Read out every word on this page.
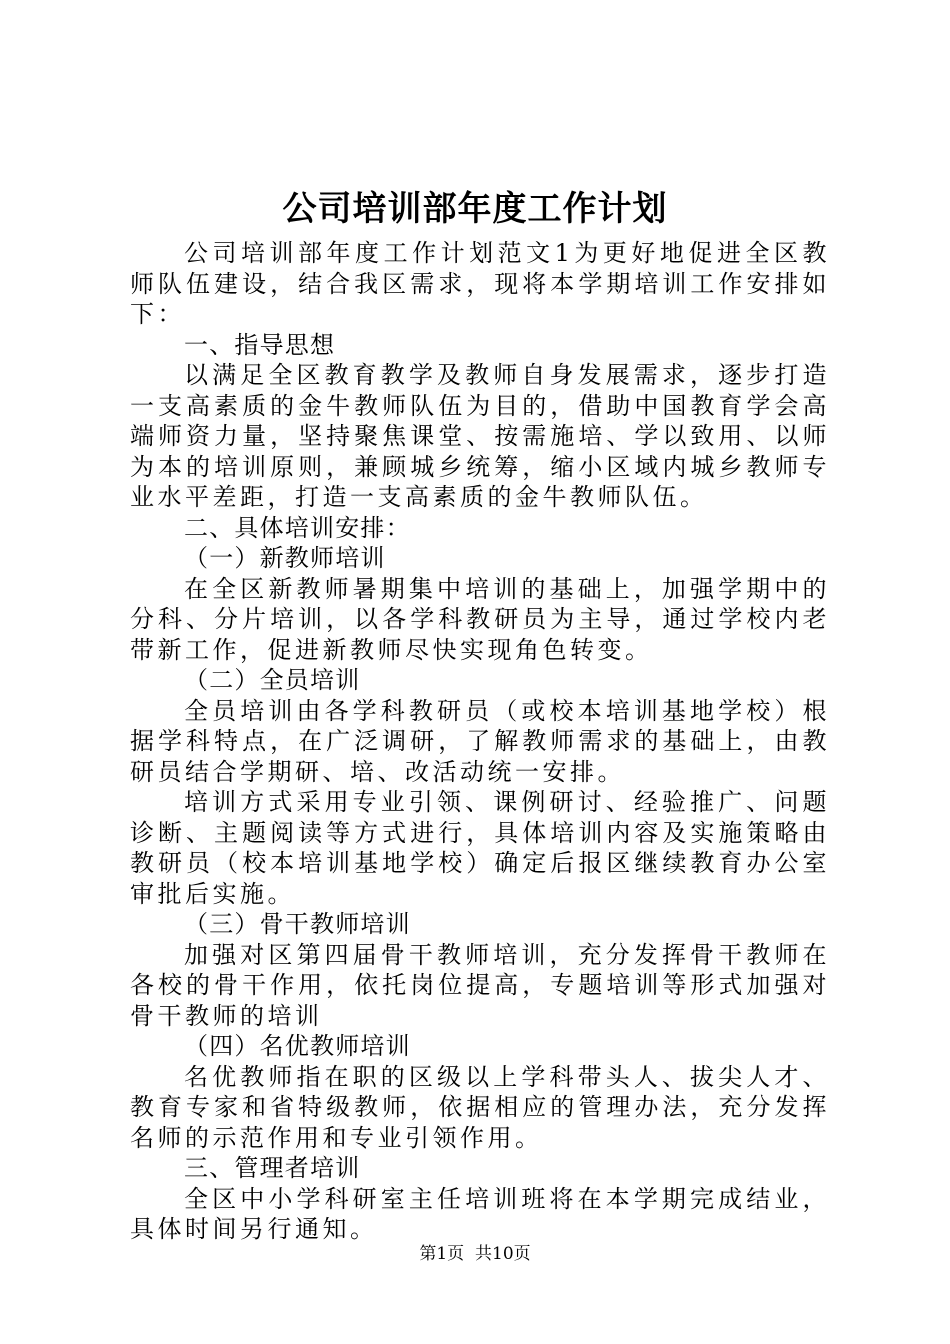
公司培训部年度工作计划

公司培训部年度工作计划范文1为更好地促进全区教师队伍建设，结合我区需求，现将本学期培训工作安排如下：

一、指导思想

以满足全区教育教学及教师自身发展需求，逐步打造一支高素质的金牛教师队伍为目的，借助中国教育学会高端师资力量，坚持聚焦课堂、按需施培、学以致用、以师为本的培训原则，兼顾城乡统筹，缩小区域内城乡教师专业水平差距，打造一支高素质的金牛教师队伍。

二、具体培训安排：

（一）新教师培训

在全区新教师暑期集中培训的基础上，加强学期中的分科、分片培训，以各学科教研员为主导，通过学校内老带新工作，促进新教师尽快实现角色转变。

（二）全员培训

全员培训由各学科教研员（或校本培训基地学校）根据学科特点，在广泛调研，了解教师需求的基础上，由教研员结合学期研、培、改活动统一安排。

培训方式采用专业引领、课例研讨、经验推广、问题诊断、主题阅读等方式进行，具体培训内容及实施策略由教研员（校本培训基地学校）确定后报区继续教育办公室审批后实施。

（三）骨干教师培训

加强对区第四届骨干教师培训，充分发挥骨干教师在各校的骨干作用，依托岗位提高，专题培训等形式加强对骨干教师的培训

（四）名优教师培训

名优教师指在职的区级以上学科带头人、拔尖人才、教育专家和省特级教师，依据相应的管理办法，充分发挥名师的示范作用和专业引领作用。

三、管理者培训

全区中小学科研室主任培训班将在本学期完成结业，具体时间另行通知。

第1页 共10页
